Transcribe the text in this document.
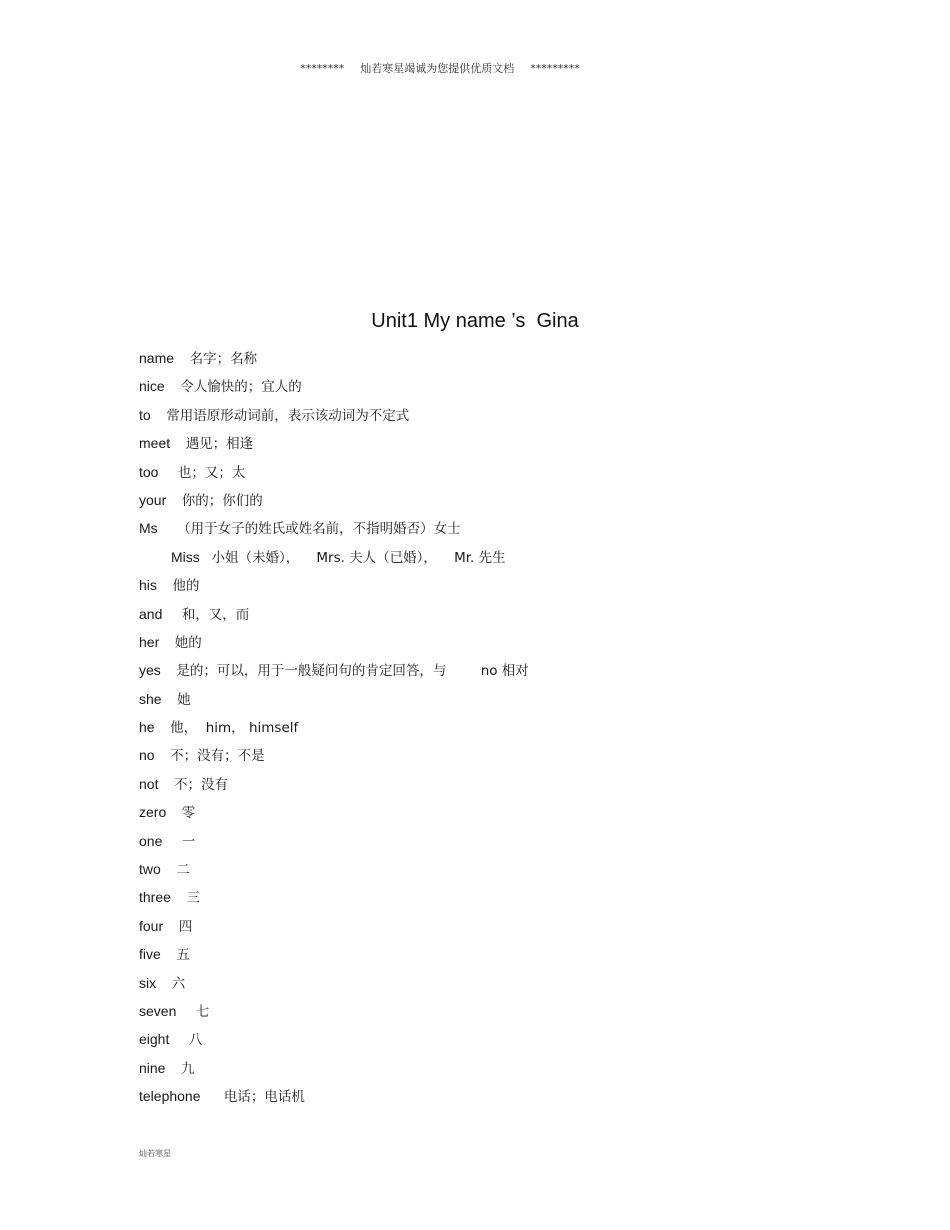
******** 灿若寒星竭诚为您提供优质文档 *********
Unit1 My name ’s  Gina
name 名字；名称
nice 令人愉快的；宜人的
to 常用语原形动词前，表示该动词为不定式
meet 遇见；相逢
too 也；又；太
your 你的；你们的
Ms （用于女子的姓氏或姓名前，不指明婚否）女士
Miss 小姐（未婚），    Mrs. 夫人（已婚），    Mr. 先生
his 他的
and 和，又，而
her 她的
yes 是的；可以，用于一般疑问句的肯定回答，与        no 相对
she 她
he 他，  him， himself
no 不；没有；不是
not 不；没有
zero 零
one 一
two 二
three 三
four 四
five 五
six 六
seven 七
eight 八
nine 九
telephone 电话；电话机
灿若寒星
